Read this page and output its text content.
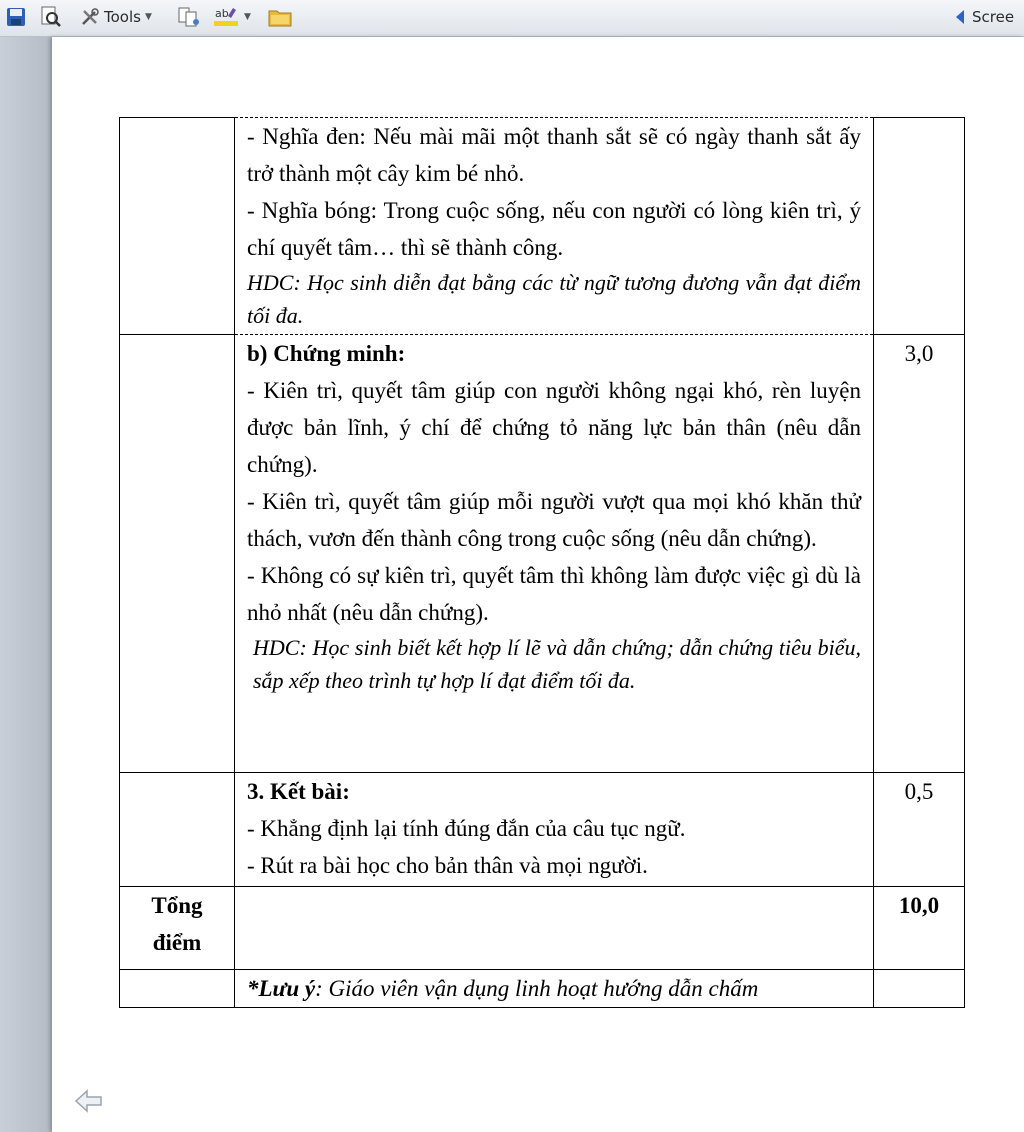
Tools ▼	ab ▼	Scree

	- Nghĩa đen: Nếu mài mãi một thanh sắt sẽ có ngày thanh sắt ấy trở thành một cây kim bé nhỏ.
- Nghĩa bóng: Trong cuộc sống, nếu con người có lòng kiên trì, ý chí quyết tâm… thì sẽ thành công.
HDC: Học sinh diễn đạt bằng các từ ngữ tương đương vẫn đạt điểm tối đa.	

	b) Chứng minh:
- Kiên trì, quyết tâm giúp con người không ngại khó, rèn luyện được bản lĩnh, ý chí để chứng tỏ năng lực bản thân (nêu dẫn chứng).
- Kiên trì, quyết tâm giúp mỗi người vượt qua mọi khó khăn thử thách, vươn đến thành công trong cuộc sống (nêu dẫn chứng).
- Không có sự kiên trì, quyết tâm thì không làm được việc gì dù là nhỏ nhất (nêu dẫn chứng).
HDC: Học sinh biết kết hợp lí lẽ và dẫn chứng; dẫn chứng tiêu biểu, sắp xếp theo trình tự hợp lí đạt điểm tối đa.	3,0

	3. Kết bài:
- Khẳng định lại tính đúng đắn của câu tục ngữ.
- Rút ra bài học cho bản thân và mọi người.	0,5

Tổng
điểm		10,0
	*Lưu ý: Giáo viên vận dụng linh hoạt hướng dẫn chấm	
